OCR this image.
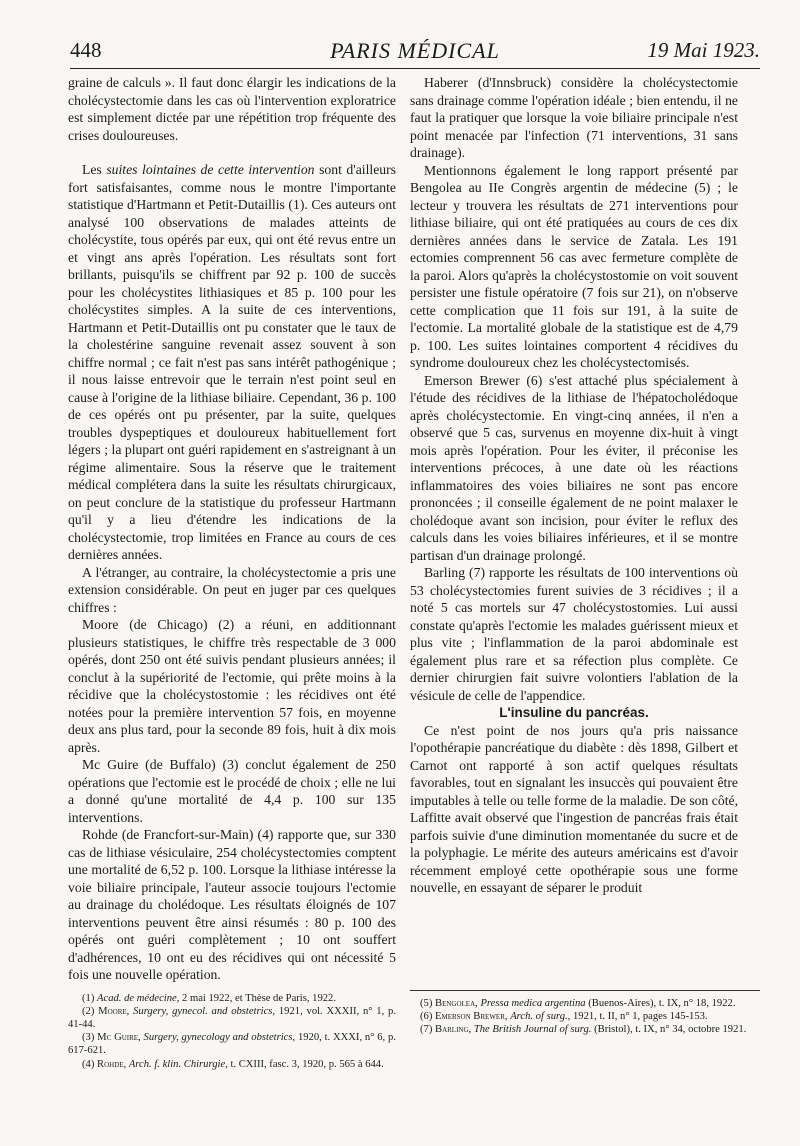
448	PARIS MÉDICAL	19 Mai 1923.

graine de calculs ». Il faut donc élargir les indications de la cholécystectomie dans les cas où l'intervention exploratrice est simplement dictée par une répétition trop fréquente des crises douloureuses.

Les suites lointaines de cette intervention sont d'ailleurs fort satisfaisantes, comme nous le montre l'importante statistique d'Hartmann et Petit-Dutaillis (1). Ces auteurs ont analysé 100 observations de malades atteints de cholécystite, tous opérés par eux, qui ont été revus entre un et vingt ans après l'opération. Les résultats sont fort brillants, puisqu'ils se chiffrent par 92 p. 100 de succès pour les cholécystites lithiasiques et 85 p. 100 pour les cholécystites simples. A la suite de ces interventions, Hartmann et Petit-Dutaillis ont pu constater que le taux de la cholestérine sanguine revenait assez souvent à son chiffre normal ; ce fait n'est pas sans intérêt pathogénique ; il nous laisse entrevoir que le terrain n'est point seul en cause à l'origine de la lithiase biliaire. Cependant, 36 p. 100 de ces opérés ont pu présenter, par la suite, quelques troubles dyspeptiques et douloureux habituellement fort légers ; la plupart ont guéri rapidement en s'astreignant à un régime alimentaire. Sous la réserve que le traitement médical complétera dans la suite les résultats chirurgicaux, on peut conclure de la statistique du professeur Hartmann qu'il y a lieu d'étendre les indications de la cholécystectomie, trop limitées en France au cours de ces dernières années.

A l'étranger, au contraire, la cholécystectomie a pris une extension considérable. On peut en juger par ces quelques chiffres :

Moore (de Chicago) (2) a réuni, en additionnant plusieurs statistiques, le chiffre très respectable de 3 000 opérés, dont 250 ont été suivis pendant plusieurs années; il conclut à la supériorité de l'ectomie, qui prête moins à la récidive que la cholécystostomie : les récidives ont été notées pour la première intervention 57 fois, en moyenne deux ans plus tard, pour la seconde 89 fois, huit à dix mois après.

Mc Guire (de Buffalo) (3) conclut également de 250 opérations que l'ectomie est le procédé de choix ; elle ne lui a donné qu'une mortalité de 4,4 p. 100 sur 135 interventions.

Rohde (de Francfort-sur-Main) (4) rapporte que, sur 330 cas de lithiase vésiculaire, 254 cholécystectomies comptent une mortalité de 6,52 p. 100. Lorsque la lithiase intéresse la voie biliaire principale, l'auteur associe toujours l'ectomie au drainage du cholédoque. Les résultats éloignés de 107 interventions peuvent être ainsi résumés : 80 p. 100 des opérés ont guéri complètement ; 10 ont souffert d'adhérences, 10 ont eu des récidives qui ont nécessité 5 fois une nouvelle opération.

(1) Acad. de médecine, 2 mai 1922, et Thèse de Paris, 1922.

(2) Moore, Surgery, gynecol. and obstetrics, 1921, vol. XXXII, n° 1, p. 41-44.

(3) Mc Guire, Surgery, gynecology and obstetrics, 1920, t. XXXI, n° 6, p. 617-621.

(4) Rohde, Arch. f. klin. Chirurgie, t. CXIII, fasc. 3, 1920, p. 565 à 644.

Haberer (d'Innsbruck) considère la cholécystectomie sans drainage comme l'opération idéale ; bien entendu, il ne faut la pratiquer que lorsque la voie biliaire principale n'est point menacée par l'infection (71 interventions, 31 sans drainage).

Mentionnons également le long rapport présenté par Bengolea au IIe Congrès argentin de médecine (5) ; le lecteur y trouvera les résultats de 271 interventions pour lithiase biliaire, qui ont été pratiquées au cours de ces dix dernières années dans le service de Zatala. Les 191 ectomies comprennent 56 cas avec fermeture complète de la paroi. Alors qu'après la cholécystostomie on voit souvent persister une fistule opératoire (7 fois sur 21), on n'observe cette complication que 11 fois sur 191, à la suite de l'ectomie. La mortalité globale de la statistique est de 4,79 p. 100. Les suites lointaines comportent 4 récidives du syndrome douloureux chez les cholécystectomisés.

Emerson Brewer (6) s'est attaché plus spécialement à l'étude des récidives de la lithiase de l'hépatocholédoque après cholécystectomie. En vingt-cinq années, il n'en a observé que 5 cas, survenus en moyenne dix-huit à vingt mois après l'opération. Pour les éviter, il préconise les interventions précoces, à une date où les réactions inflammatoires des voies biliaires ne sont pas encore prononcées ; il conseille également de ne point malaxer le cholédoque avant son incision, pour éviter le reflux des calculs dans les voies biliaires inférieures, et il se montre partisan d'un drainage prolongé.

Barling (7) rapporte les résultats de 100 interventions où 53 cholécystectomies furent suivies de 3 récidives ; il a noté 5 cas mortels sur 47 cholécystostomies. Lui aussi constate qu'après l'ectomie les malades guérissent mieux et plus vite ; l'inflammation de la paroi abdominale est également plus rare et sa réfection plus complète. Ce dernier chirurgien fait suivre volontiers l'ablation de la vésicule de celle de l'appendice.

L'insuline du pancréas.

Ce n'est point de nos jours qu'a pris naissance l'opothérapie pancréatique du diabète : dès 1898, Gilbert et Carnot ont rapporté à son actif quelques résultats favorables, tout en signalant les insuccès qui pouvaient être imputables à telle ou telle forme de la maladie. De son côté, Laffitte avait observé que l'ingestion de pancréas frais était parfois suivie d'une diminution momentanée du sucre et de la polyphagie. Le mérite des auteurs américains est d'avoir récemment employé cette opothérapie sous une forme nouvelle, en essayant de séparer le produit

(5) Bengolea, Pressa medica argentina (Buenos-Aires), t. IX, n° 18, 1922.

(6) Emerson Brewer, Arch. of surg., 1921, t. II, n° 1, pages 145-153.

(7) Barling, The British Journal of surg. (Bristol), t. IX, n° 34, octobre 1921.
